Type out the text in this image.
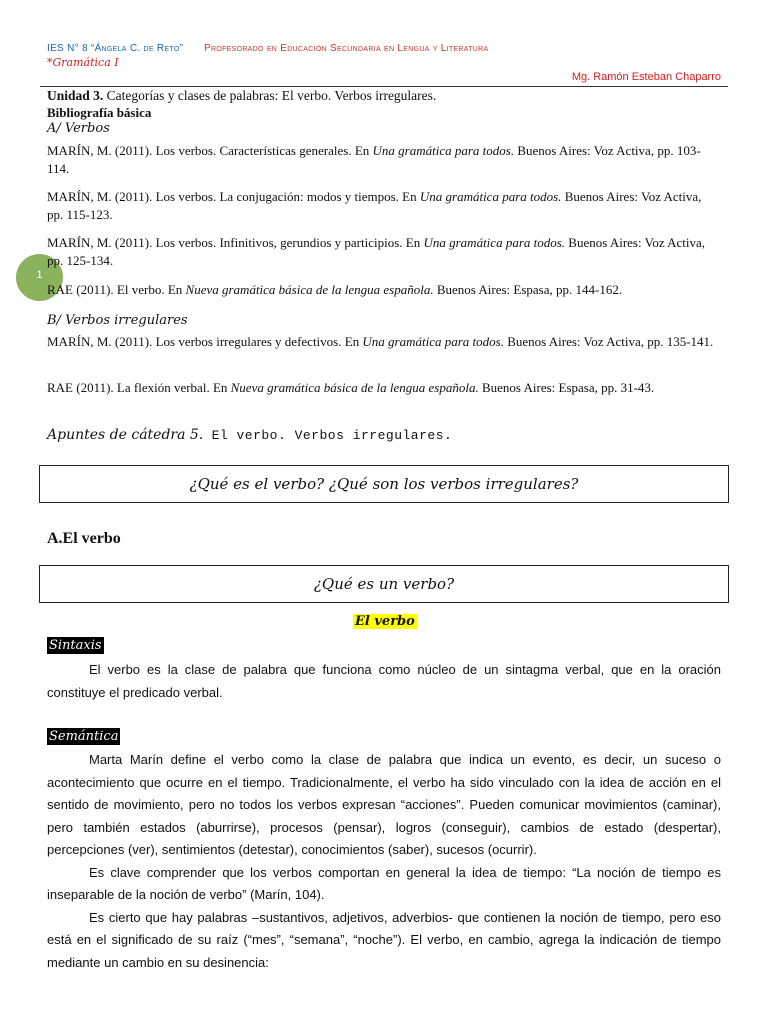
IES N° 8 “Ángela C. de Reto” Profesorado en Educación Secundaria en Lengua y Literatura
*Gramática I
Mg. Ramón Esteban Chaparro
1
Unidad 3. Categorías y clases de palabras: El verbo. Verbos irregulares.
Bibliografía básica
A/ Verbos
MARÍN, M. (2011). Los verbos. Características generales. En Una gramática para todos. Buenos Aires: Voz Activa, pp. 103-114.
MARÍN, M. (2011). Los verbos. La conjugación: modos y tiempos. En Una gramática para todos. Buenos Aires: Voz Activa, pp. 115-123.
MARÍN, M. (2011). Los verbos. Infinitivos, gerundios y participios. En Una gramática para todos. Buenos Aires: Voz Activa, pp. 125-134.
RAE (2011). El verbo. En Nueva gramática básica de la lengua española. Buenos Aires: Espasa, pp. 144-162.
B/ Verbos irregulares
MARÍN, M. (2011). Los verbos irregulares y defectivos. En Una gramática para todos. Buenos Aires: Voz Activa, pp. 135-141.
RAE (2011). La flexión verbal. En Nueva gramática básica de la lengua española. Buenos Aires: Espasa, pp. 31-43.
Apuntes de cátedra 5. El verbo. Verbos irregulares.
¿Qué es el verbo? ¿Qué son los verbos irregulares?
A.El verbo
¿Qué es un verbo?
El verbo
Sintaxis

El verbo es la clase de palabra que funciona como núcleo de un sintagma verbal, que en la oración constituye el predicado verbal.

Semántica

Marta Marín define el verbo como la clase de palabra que indica un evento, es decir, un suceso o acontecimiento que ocurre en el tiempo. Tradicionalmente, el verbo ha sido vinculado con la idea de acción en el sentido de movimiento, pero no todos los verbos expresan “acciones”. Pueden comunicar movimientos (caminar), pero también estados (aburrirse), procesos (pensar), logros (conseguir), cambios de estado (despertar), percepciones (ver), sentimientos (detestar), conocimientos (saber), sucesos (ocurrir).

Es clave comprender que los verbos comportan en general la idea de tiempo: “La noción de tiempo es inseparable de la noción de verbo” (Marín, 104).

Es cierto que hay palabras –sustantivos, adjetivos, adverbios- que contienen la noción de tiempo, pero eso está en el significado de su raíz (“mes”, “semana”, “noche”). El verbo, en cambio, agrega la indicación de tiempo mediante un cambio en su desinencia:
